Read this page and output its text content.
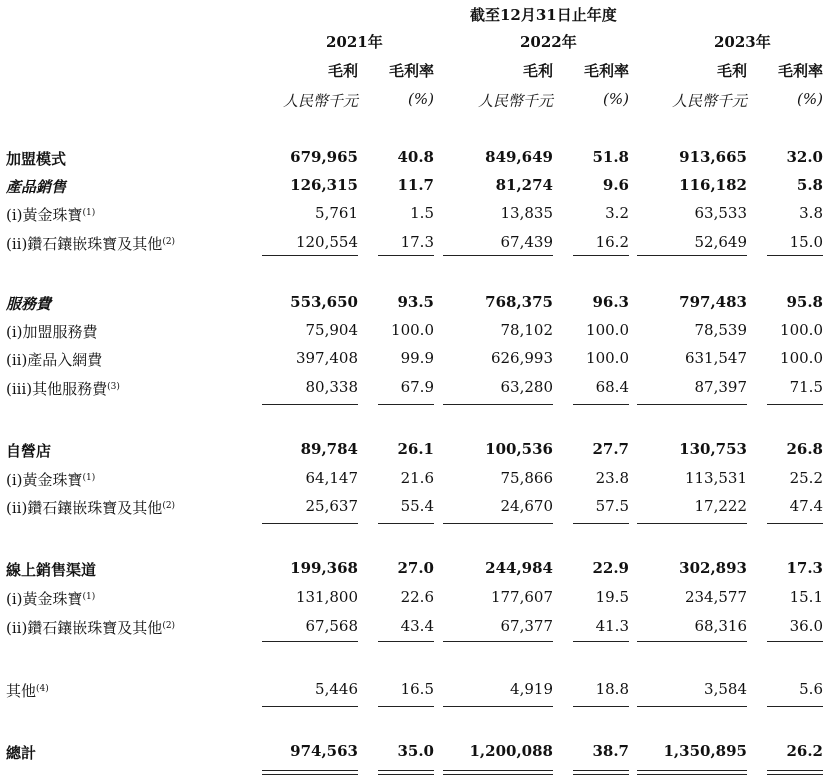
截至12月31日止年度
2021年	2022年	2023年
毛利 毛利率	毛利 毛利率	毛利 毛利率
人民幣千元	(%)	人民幣千元	(%)	人民幣千元	(%)
加盟模式	679,965	40.8	849,649	51.8	913,665	32.0
產品銷售	126,315	11.7	81,274	9.6	116,182	5.8
(i)黃金珠寶$^{(1)}$	5,761	1.5	13,835	3.2	63,533	3.8
(ii)鑽石鑲嵌珠寶及其他$^{(2)}$	120,554	17.3	67,439	16.2	52,649	15.0
服務費	553,650	93.5	768,375	96.3	797,483	95.8
(i)加盟服務費	75,904 100.0	78,102 100.0	78,539 100.0
(ii)產品入網費	397,408	99.9	626,993 100.0	631,547 100.0
(iii)其他服務費$^{(3)}$	80,338	67.9	63,280	68.4	87,397	71.5
自營店	89,784	26.1	100,536	27.7	130,753	26.8
(i)黃金珠寶$^{(1)}$	64,147	21.6	75,866	23.8	113,531	25.2
(ii)鑽石鑲嵌珠寶及其他$^{(2)}$	25,637	55.4	24,670	57.5	17,222	47.4
線上銷售渠道	199,368	27.0	244,984	22.9	302,893	17.3
(i)黃金珠寶$^{(1)}$	131,800	22.6	177,607	19.5	234,577	15.1
(ii)鑽石鑲嵌珠寶及其他$^{(2)}$	67,568	43.4	67,377	41.3	68,316	36.0
其他$^{(4)}$	5,446	16.5	4,919	18.8	3,584	5.6
總計	974,563	35.0 1,200,088	38.7 1,350,895	26.2
